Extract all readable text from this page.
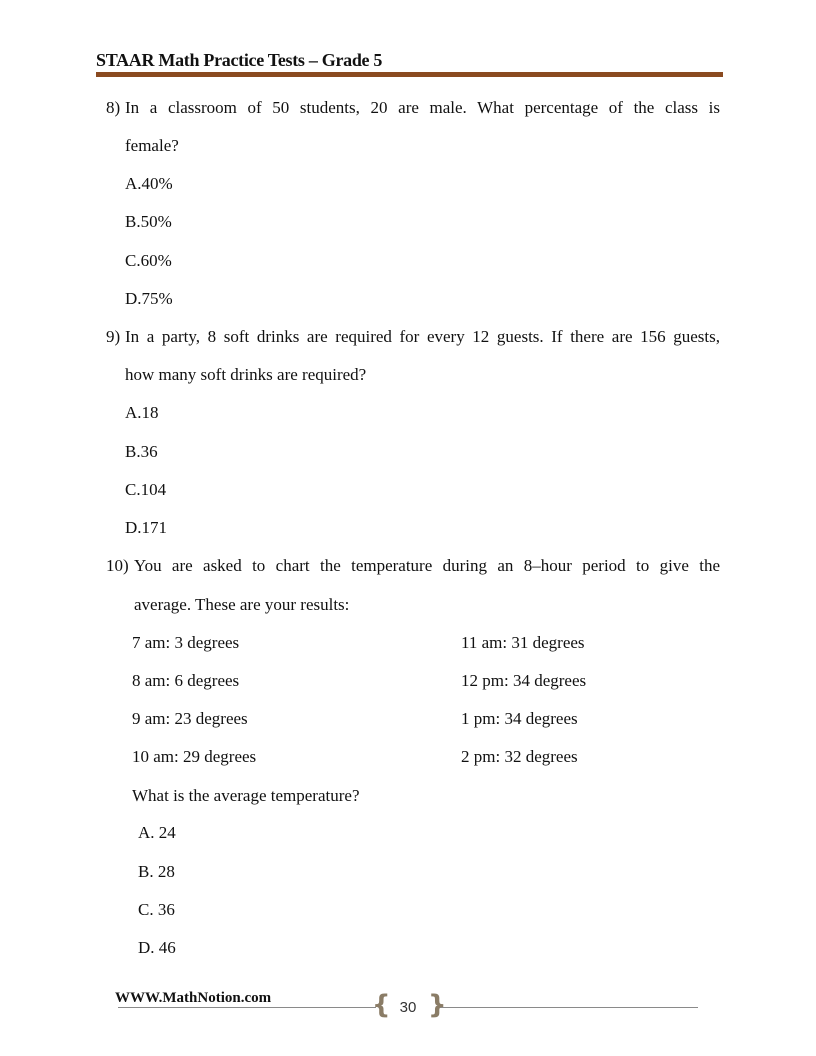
STAAR Math Practice Tests – Grade 5
8) In a classroom of 50 students, 20 are male. What percentage of the class is
female?
A.40%
B.50%
C.60%
D.75%
9) In a party, 8 soft drinks are required for every 12 guests. If there are 156 guests,
how many soft drinks are required?
A.18
B.36
C.104
D.171
10) You are asked to chart the temperature during an 8–hour period to give the
average. These are your results:
7 am: 3 degrees
8 am: 6 degrees
9 am: 23 degrees
10 am: 29 degrees
11 am: 31 degrees
12 pm: 34 degrees
1 pm: 34 degrees
2 pm: 32 degrees
What is the average temperature?
A. 24
B. 28
C. 36
D. 46
WWW.MathNotion.com	{ 30 }
